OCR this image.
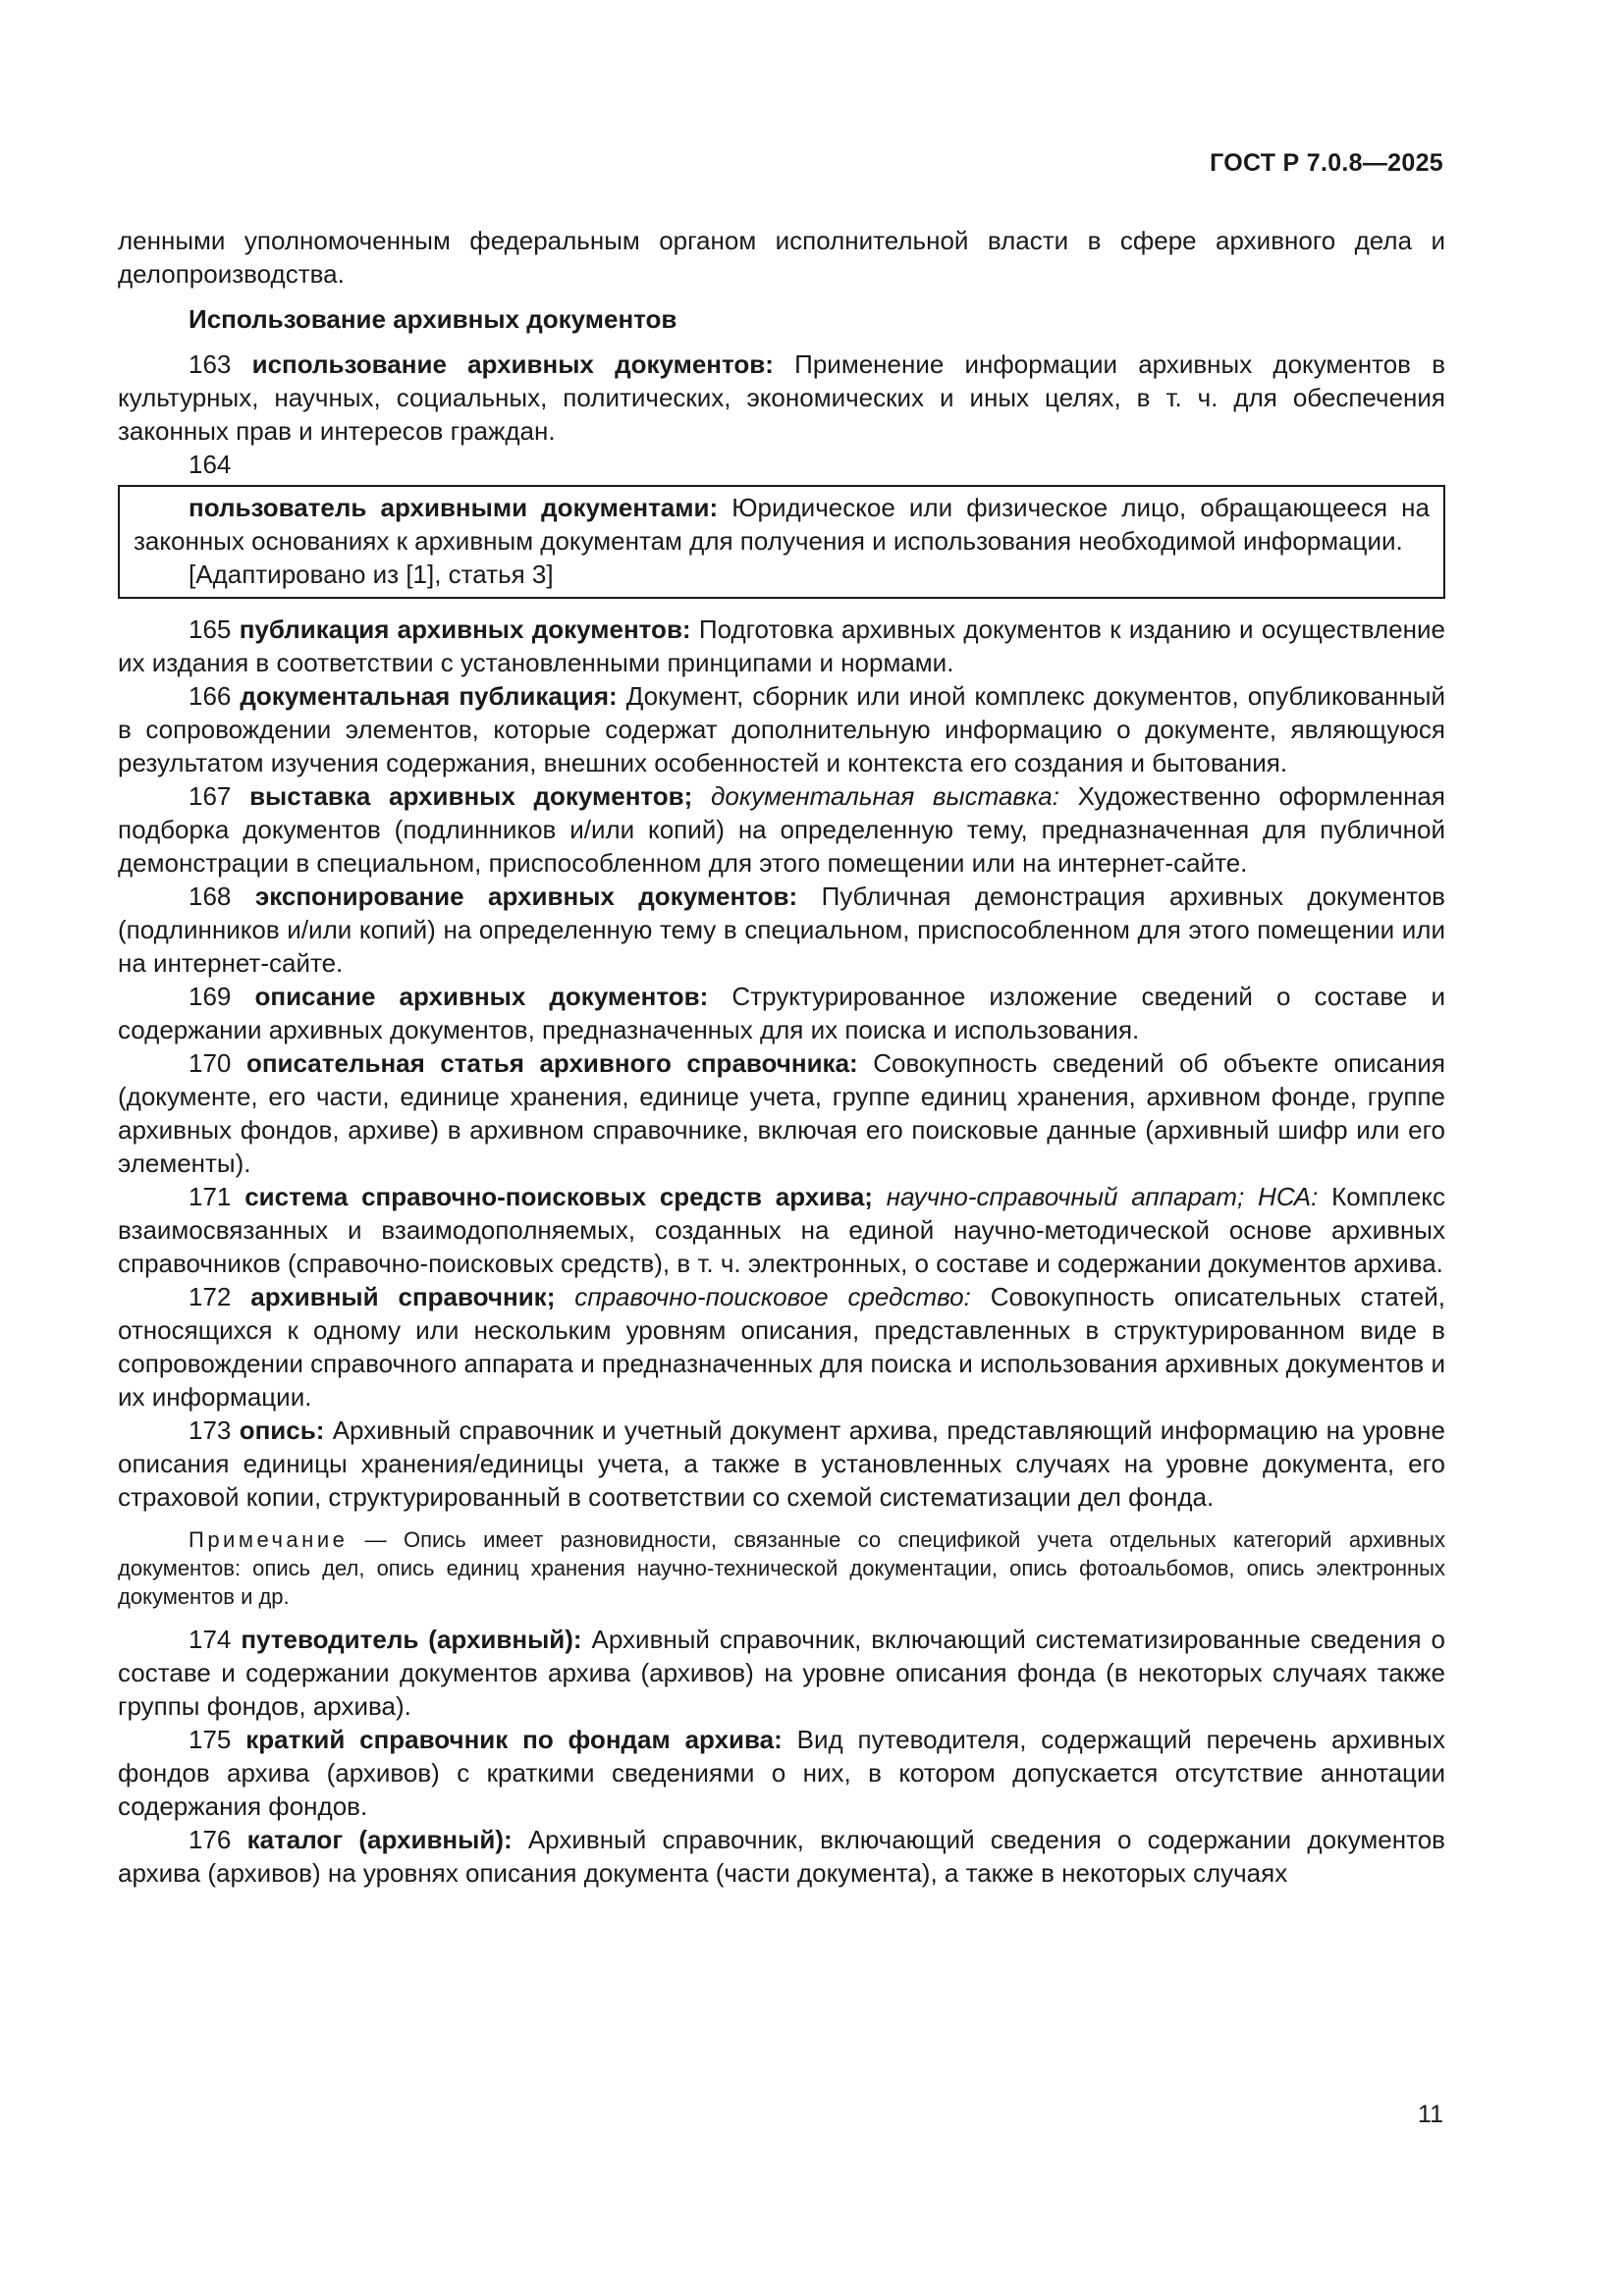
ГОСТ Р 7.0.8—2025

ленными уполномоченным федеральным органом исполнительной власти в сфере архивного дела и делопроизводства.

Использование архивных документов

163 использование архивных документов: Применение информации архивных документов в культурных, научных, социальных, политических, экономических и иных целях, в т. ч. для обеспечения законных прав и интересов граждан.

164

пользователь архивными документами: Юридическое или физическое лицо, обращающееся на законных основаниях к архивным документам для получения и использования необходимой информации.

[Адаптировано из [1], статья 3]

165 публикация архивных документов: Подготовка архивных документов к изданию и осуществление их издания в соответствии с установленными принципами и нормами.

166 документальная публикация: Документ, сборник или иной комплекс документов, опубликованный в сопровождении элементов, которые содержат дополнительную информацию о документе, являющуюся результатом изучения содержания, внешних особенностей и контекста его создания и бытования.

167 выставка архивных документов; документальная выставка: Художественно оформленная подборка документов (подлинников и/или копий) на определенную тему, предназначенная для публичной демонстрации в специальном, приспособленном для этого помещении или на интернет-сайте.

168 экспонирование архивных документов: Публичная демонстрация архивных документов (подлинников и/или копий) на определенную тему в специальном, приспособленном для этого помещении или на интернет-сайте.

169 описание архивных документов: Структурированное изложение сведений о составе и содержании архивных документов, предназначенных для их поиска и использования.

170 описательная статья архивного справочника: Совокупность сведений об объекте описания (документе, его части, единице хранения, единице учета, группе единиц хранения, архивном фонде, группе архивных фондов, архиве) в архивном справочнике, включая его поисковые данные (архивный шифр или его элементы).

171 система справочно-поисковых средств архива; научно-справочный аппарат; НСА: Комплекс взаимосвязанных и взаимодополняемых, созданных на единой научно-методической основе архивных справочников (справочно-поисковых средств), в т. ч. электронных, о составе и содержании документов архива.

172 архивный справочник; справочно-поисковое средство: Совокупность описательных статей, относящихся к одному или нескольким уровням описания, представленных в структурированном виде в сопровождении справочного аппарата и предназначенных для поиска и использования архивных документов и их информации.

173 опись: Архивный справочник и учетный документ архива, представляющий информацию на уровне описания единицы хранения/единицы учета, а также в установленных случаях на уровне документа, его страховой копии, структурированный в соответствии со схемой систематизации дел фонда.

Примечание — Опись имеет разновидности, связанные со спецификой учета отдельных категорий архивных документов: опись дел, опись единиц хранения научно-технической документации, опись фотоальбомов, опись электронных документов и др.

174 путеводитель (архивный): Архивный справочник, включающий систематизированные сведения о составе и содержании документов архива (архивов) на уровне описания фонда (в некоторых случаях также группы фондов, архива).

175 краткий справочник по фондам архива: Вид путеводителя, содержащий перечень архивных фондов архива (архивов) с краткими сведениями о них, в котором допускается отсутствие аннотации содержания фондов.

176 каталог (архивный): Архивный справочник, включающий сведения о содержании документов архива (архивов) на уровнях описания документа (части документа), а также в некоторых случаях

11
